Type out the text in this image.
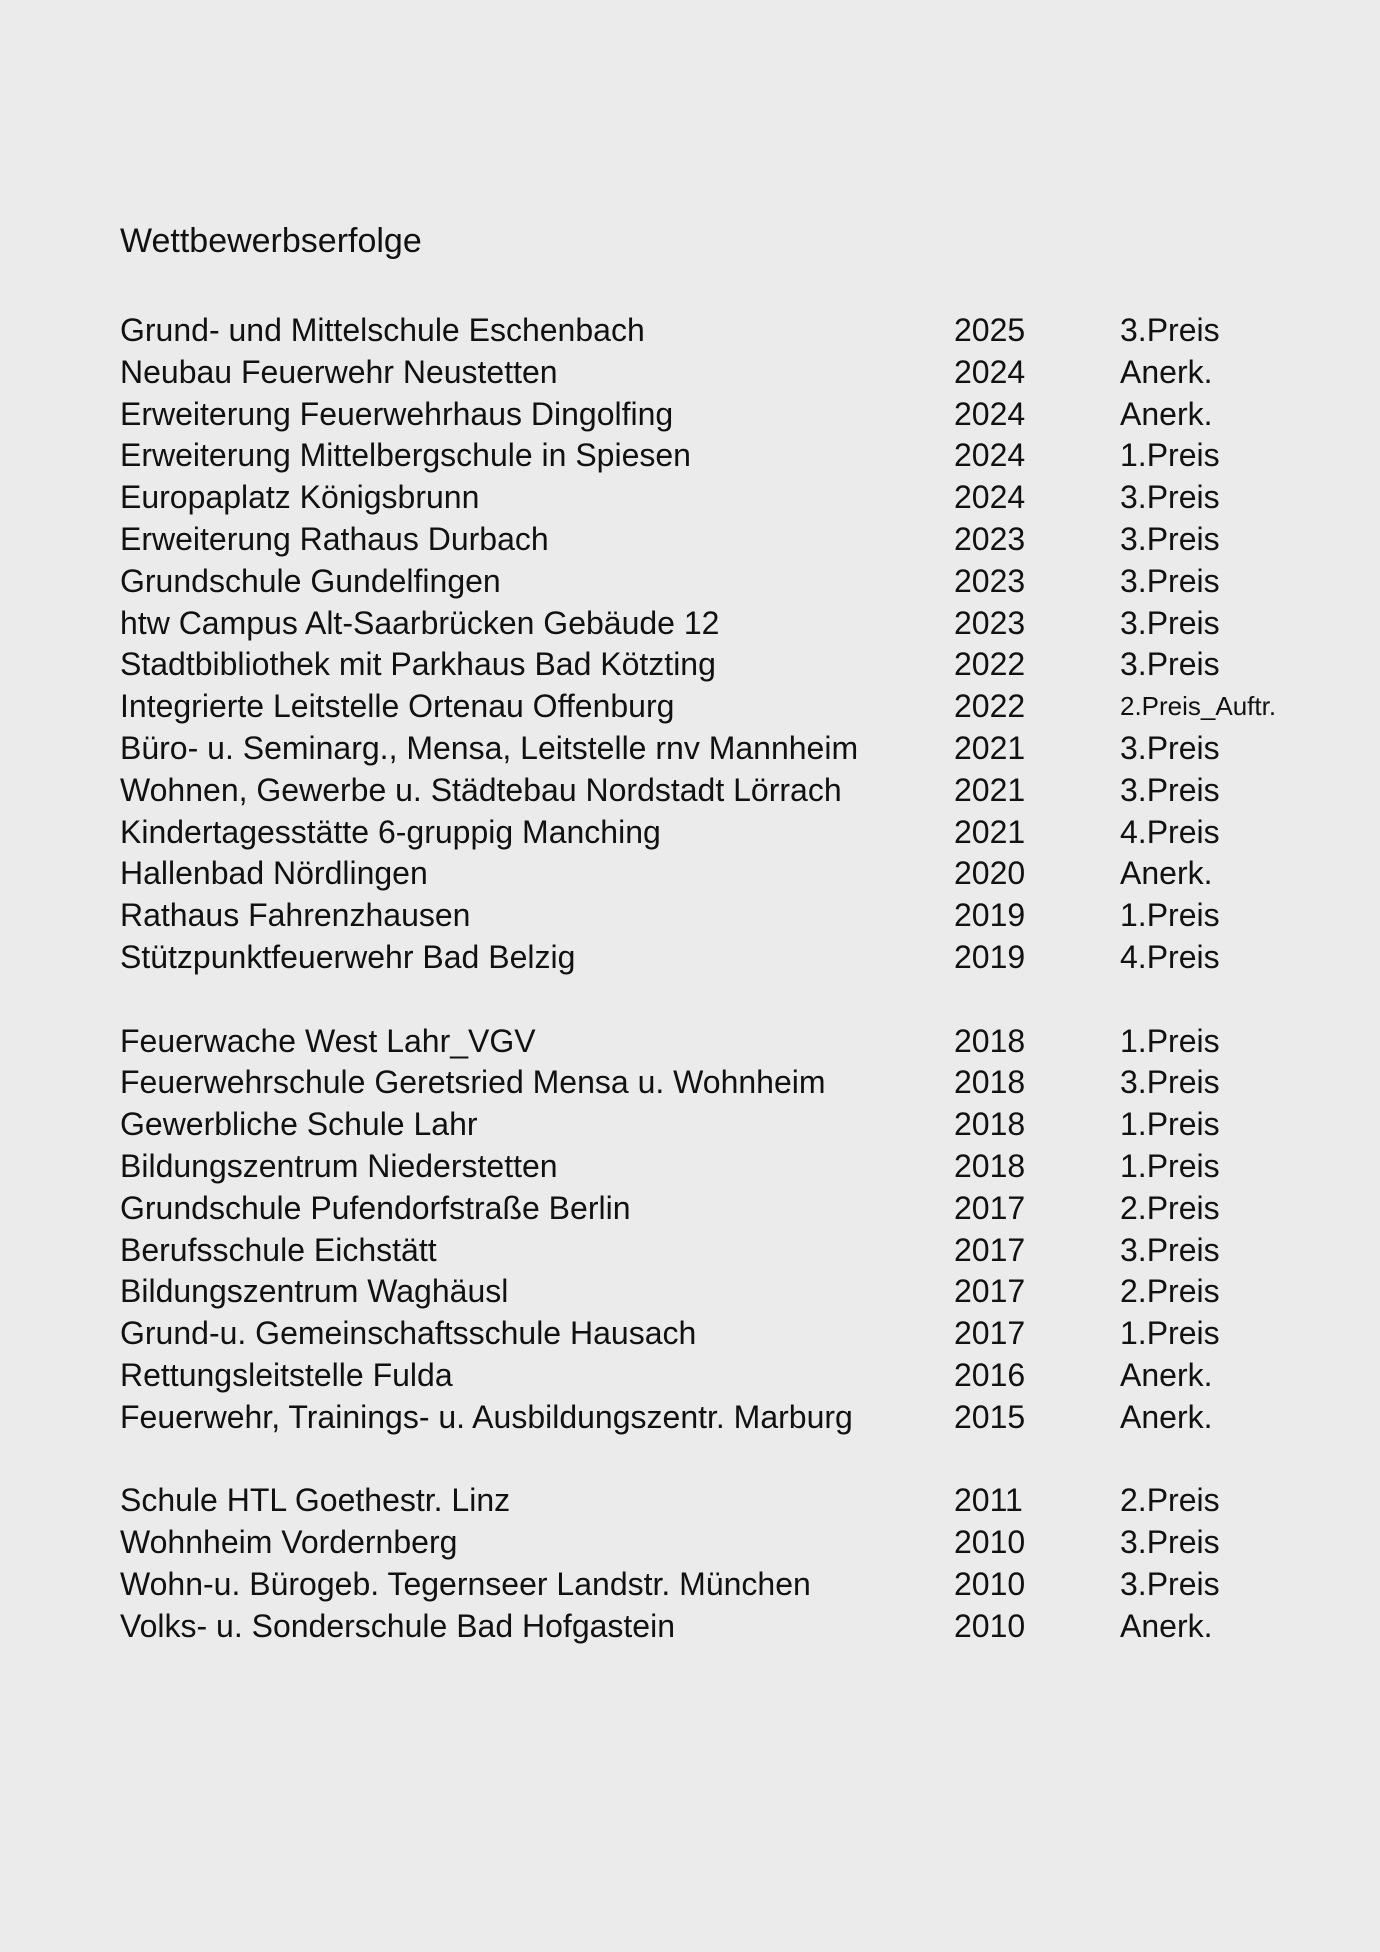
Wettbewerbserfolge
Grund- und Mittelschule Eschenbach	2025	3.Preis
Neubau Feuerwehr Neustetten	2024	Anerk.
Erweiterung Feuerwehrhaus Dingolfing	2024	Anerk.
Erweiterung Mittelbergschule in Spiesen	2024	1.Preis
Europaplatz Königsbrunn	2024	3.Preis
Erweiterung Rathaus Durbach	2023	3.Preis
Grundschule Gundelfingen	2023	3.Preis
htw Campus Alt-Saarbrücken Gebäude 12	2023	3.Preis
Stadtbibliothek mit Parkhaus Bad Kötzting	2022	3.Preis
Integrierte Leitstelle Ortenau Offenburg	2022	2.Preis_Auftr.
Büro- u. Seminarg., Mensa, Leitstelle rnv Mannheim	2021	3.Preis
Wohnen, Gewerbe u. Städtebau Nordstadt Lörrach	2021	3.Preis
Kindertagesstätte 6-gruppig Manching	2021	4.Preis
Hallenbad Nördlingen	2020	Anerk.
Rathaus Fahrenzhausen	2019	1.Preis
Stützpunktfeuerwehr Bad Belzig	2019	4.Preis
Feuerwache West Lahr_VGV	2018	1.Preis
Feuerwehrschule Geretsried Mensa u. Wohnheim	2018	3.Preis
Gewerbliche Schule Lahr	2018	1.Preis
Bildungszentrum Niederstetten	2018	1.Preis
Grundschule Pufendorfstraße Berlin	2017	2.Preis
Berufsschule Eichstätt	2017	3.Preis
Bildungszentrum Waghäusl	2017	2.Preis
Grund-u. Gemeinschaftsschule Hausach	2017	1.Preis
Rettungsleitstelle Fulda	2016	Anerk.
Feuerwehr, Trainings- u. Ausbildungszentr. Marburg	2015	Anerk.
Schule HTL Goethestr. Linz	2011	2.Preis
Wohnheim Vordernberg	2010	3.Preis
Wohn-u. Bürogeb. Tegernseer Landstr. München	2010	3.Preis
Volks- u. Sonderschule Bad Hofgastein	2010	Anerk.
